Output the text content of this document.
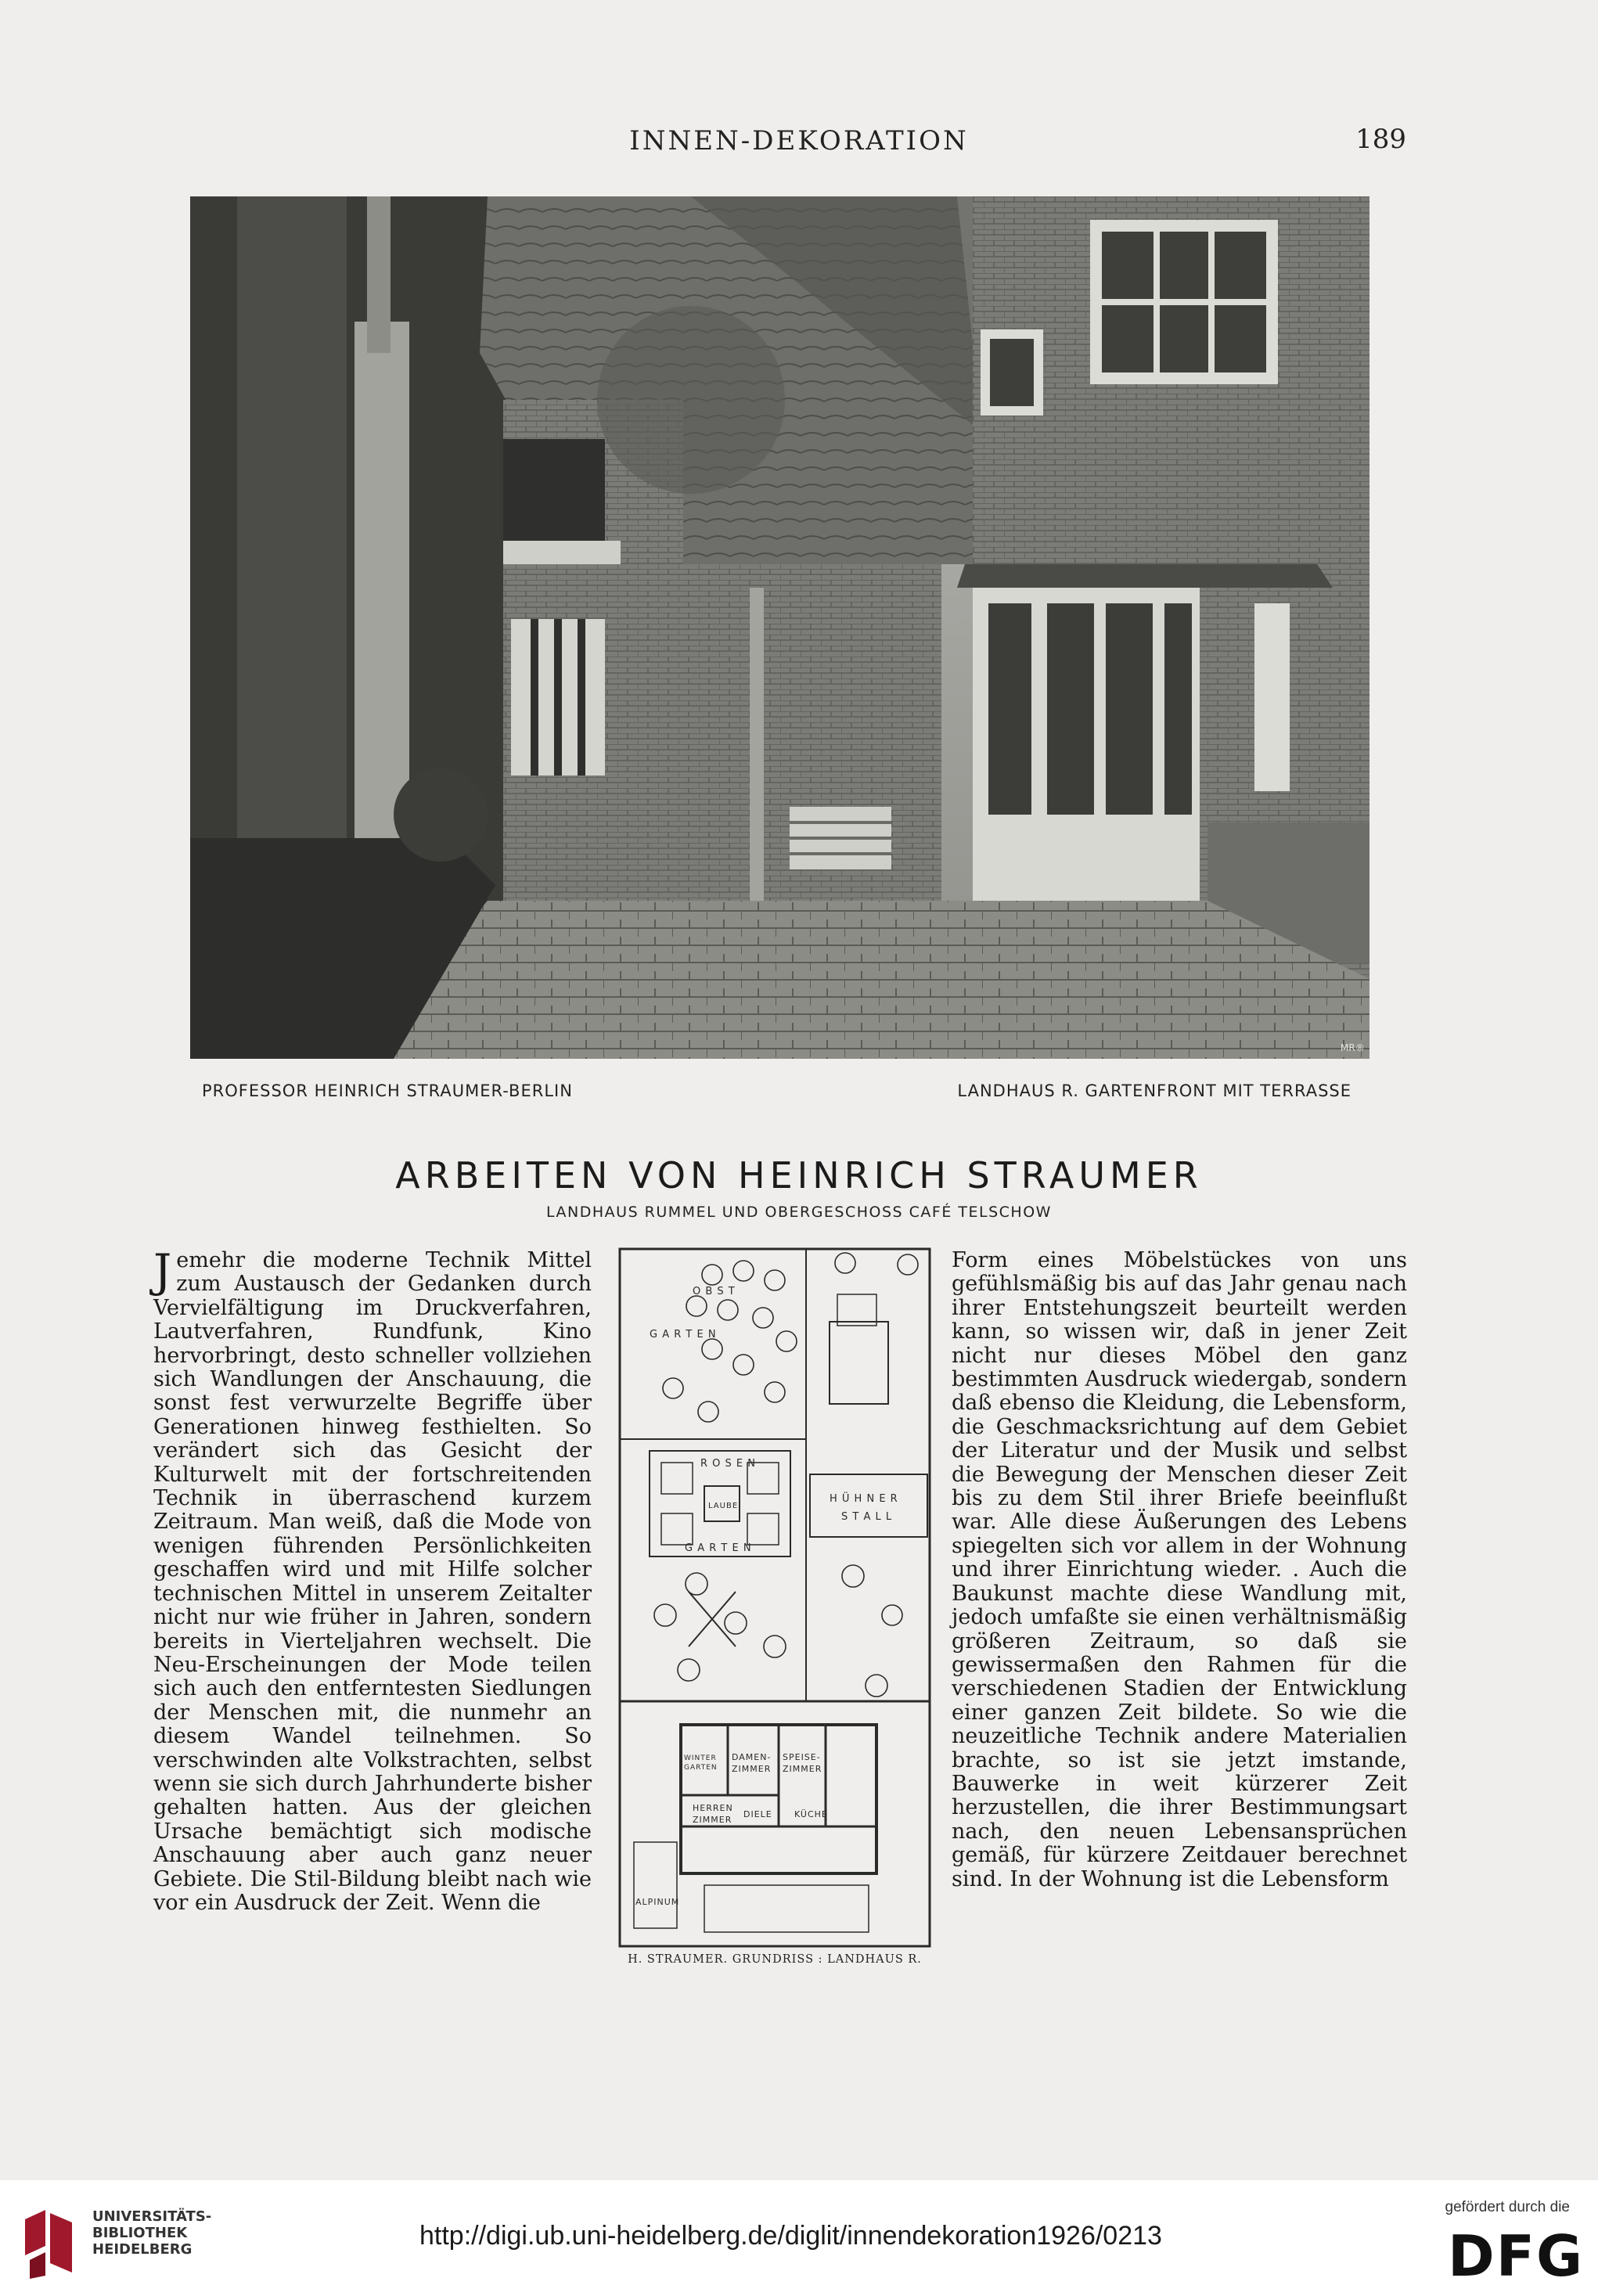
INNEN-DEKORATION	189
MR®
PROFESSOR HEINRICH STRAUMER-BERLIN	LANDHAUS R. GARTENFRONT MIT TERRASSE
ARBEITEN VON HEINRICH STRAUMER
LANDHAUS RUMMEL UND OBERGESCHOSS CAFÉ TELSCHOW
Jemehr die moderne Technik Mittel zum Austausch der Gedanken durch Vervielfältigung im Druckverfahren, Lautverfahren, Rundfunk, Kino hervorbringt, desto schneller vollziehen sich Wandlungen der Anschauung, die sonst fest verwurzelte Begriffe über Generationen hinweg festhielten. So verändert sich das Gesicht der Kulturwelt mit der fortschreitenden Technik in überraschend kurzem Zeitraum. Man weiß, daß die Mode von wenigen führenden Persönlichkeiten geschaffen wird und mit Hilfe solcher technischen Mittel in unserem Zeitalter nicht nur wie früher in Jahren, sondern bereits in Vierteljahren wechselt. Die Neu-Erscheinungen der Mode teilen sich auch den entferntesten Siedlungen der Menschen mit, die nunmehr an diesem Wandel teilnehmen. So verschwinden alte Volkstrachten, selbst wenn sie sich durch Jahrhunderte bisher gehalten hatten. Aus der gleichen Ursache bemächtigt sich modische Anschauung aber auch ganz neuer Gebiete. Die Stil-Bildung bleibt nach wie vor ein Ausdruck der Zeit. Wenn die
O B S T
G A R T E N
R O S E N
LAUBE
G A R T E N
H Ü H N E R
S T A L L
DAMEN-
ZIMMER
SPEISE-
ZIMMER
WINTER
GARTEN
HERREN
ZIMMER
DIELE	KÜCHE
ALPINUM
H. STRAUMER. GRUNDRISS : LANDHAUS R.
Form eines Möbelstückes von uns gefühlsmäßig bis auf das Jahr genau nach ihrer Entstehungszeit beurteilt werden kann, so wissen wir, daß in jener Zeit nicht nur dieses Möbel den ganz bestimmten Ausdruck wiedergab, sondern daß ebenso die Kleidung, die Lebensform, die Geschmacksrichtung auf dem Gebiet der Literatur und der Musik und selbst die Bewegung der Menschen dieser Zeit bis zu dem Stil ihrer Briefe beeinflußt war. Alle diese Äußerungen des Lebens spiegelten sich vor allem in der Wohnung und ihrer Einrichtung wieder. . Auch die Baukunst machte diese Wandlung mit, jedoch umfaßte sie einen verhältnismäßig größeren Zeitraum, so daß sie gewissermaßen den Rahmen für die verschiedenen Stadien der Entwicklung einer ganzen Zeit bildete. So wie die neuzeitliche Technik andere Materialien brachte, so ist sie jetzt imstande, Bauwerke in weit kürzerer Zeit herzustellen, die ihrer Bestimmungsart nach, den neuen Lebensansprüchen gemäß, für kürzere Zeitdauer berechnet sind. In der Wohnung ist die Lebensform
UNIVERSITÄTS-
BIBLIOTHEK
HEIDELBERG	http://digi.ub.uni-heidelberg.de/diglit/innendekoration1926/0213
gefördert durch die
DFG
